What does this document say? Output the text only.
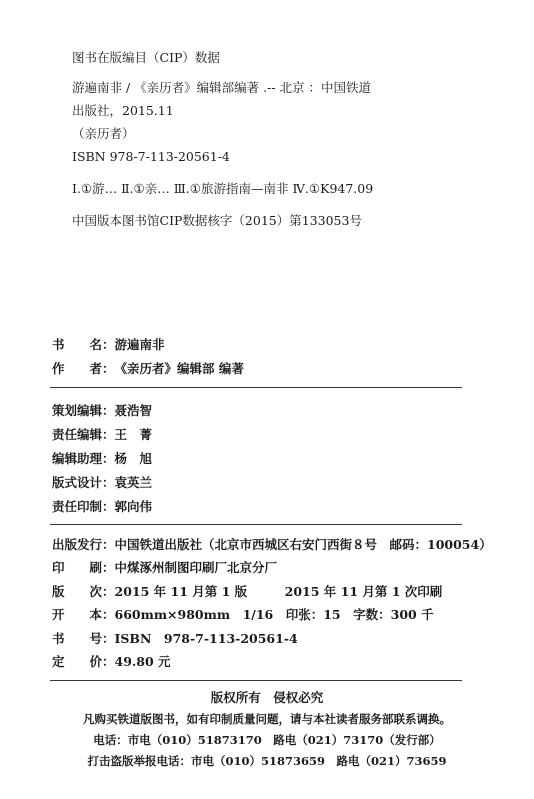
图书在版编目（CIP）数据
游遍南非 / 《亲历者》编辑部编著 .-- 北京 ：中国铁道
出版社，2015.11
（亲历者）
ISBN 978-7-113-20561-4
Ⅰ.①游… Ⅱ.①亲… Ⅲ.①旅游指南—南非 Ⅳ.①K947.09
中国版本图书馆CIP数据核字（2015）第133053号
书　　名：游遍南非
作　　者：《亲历者》编辑部 编著
策划编辑：聂浩智
责任编辑：王　菁
编辑助理：杨　旭
版式设计：袁英兰
责任印制：郭向伟
出版发行：中国铁道出版社（北京市西城区右安门西街８号　邮码：100054）
印　　刷：中煤涿州制图印刷厂北京分厂
版　　次：2015 年 11 月第 1 版　　　2015 年 11 月第 1 次印刷
开　　本：660mm×980mm　1/16　印张：15　字数：300 千
书　　号：ISBN　978-7-113-20561-4
定　　价：49.80 元
版权所有　侵权必究
凡购买铁道版图书，如有印制质量问题，请与本社读者服务部联系调换。
电话：市电（010）51873170　路电（021）73170（发行部）
打击盗版举报电话：市电（010）51873659　路电（021）73659
